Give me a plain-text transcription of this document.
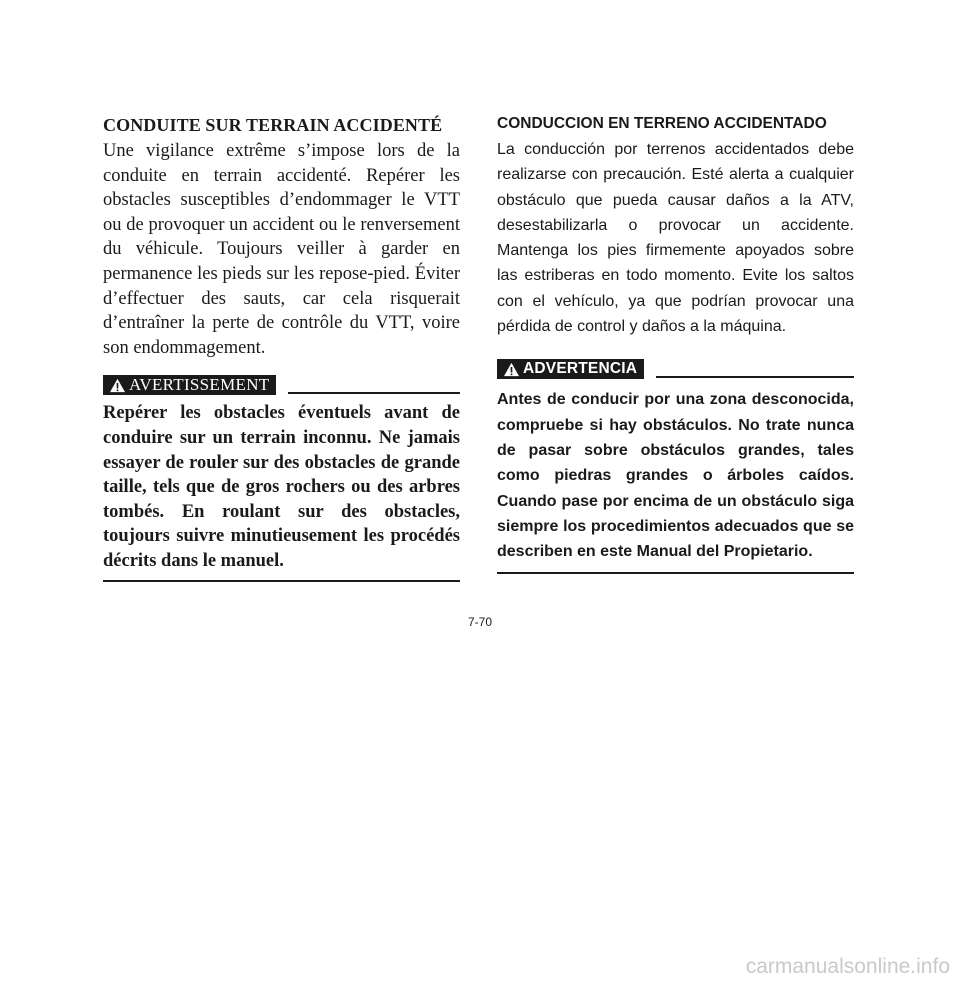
CONDUITE SUR TERRAIN ACCIDENTÉ

Une vigilance extrême s’impose lors de la conduite en terrain accidenté. Repérer les obstacles susceptibles d’endommager le VTT ou de provoquer un accident ou le renversement du véhicule. Toujours veiller à garder en permanence les pieds sur les repose-pied. Éviter d’effectuer des sauts, car cela risquerait d’entraîner la perte de contrôle du VTT, voire son endommagement.

AVERTISSEMENT

Repérer les obstacles éventuels avant de conduire sur un terrain inconnu. Ne jamais essayer de rouler sur des obstacles de grande taille, tels que de gros rochers ou des arbres tombés. En roulant sur des obstacles, toujours suivre minutieusement les procédés décrits dans le manuel.

CONDUCCION EN TERRENO ACCIDENTADO

La conducción por terrenos accidentados debe realizarse con precaución. Esté alerta a cualquier obstáculo que pueda causar daños a la ATV, desestabilizarla o provocar un accidente. Mantenga los pies firmemente apoyados sobre las estriberas en todo momento. Evite los saltos con el vehículo, ya que podrían provocar una pérdida de control y daños a la máquina.

ADVERTENCIA

Antes de conducir por una zona desconocida, compruebe si hay obstáculos. No trate nunca de pasar sobre obstáculos grandes, tales como piedras grandes o árboles caídos. Cuando pase por encima de un obstáculo siga siempre los procedimientos adecuados que se describen en este Manual del Propietario.

7-70
carmanualsonline.info
